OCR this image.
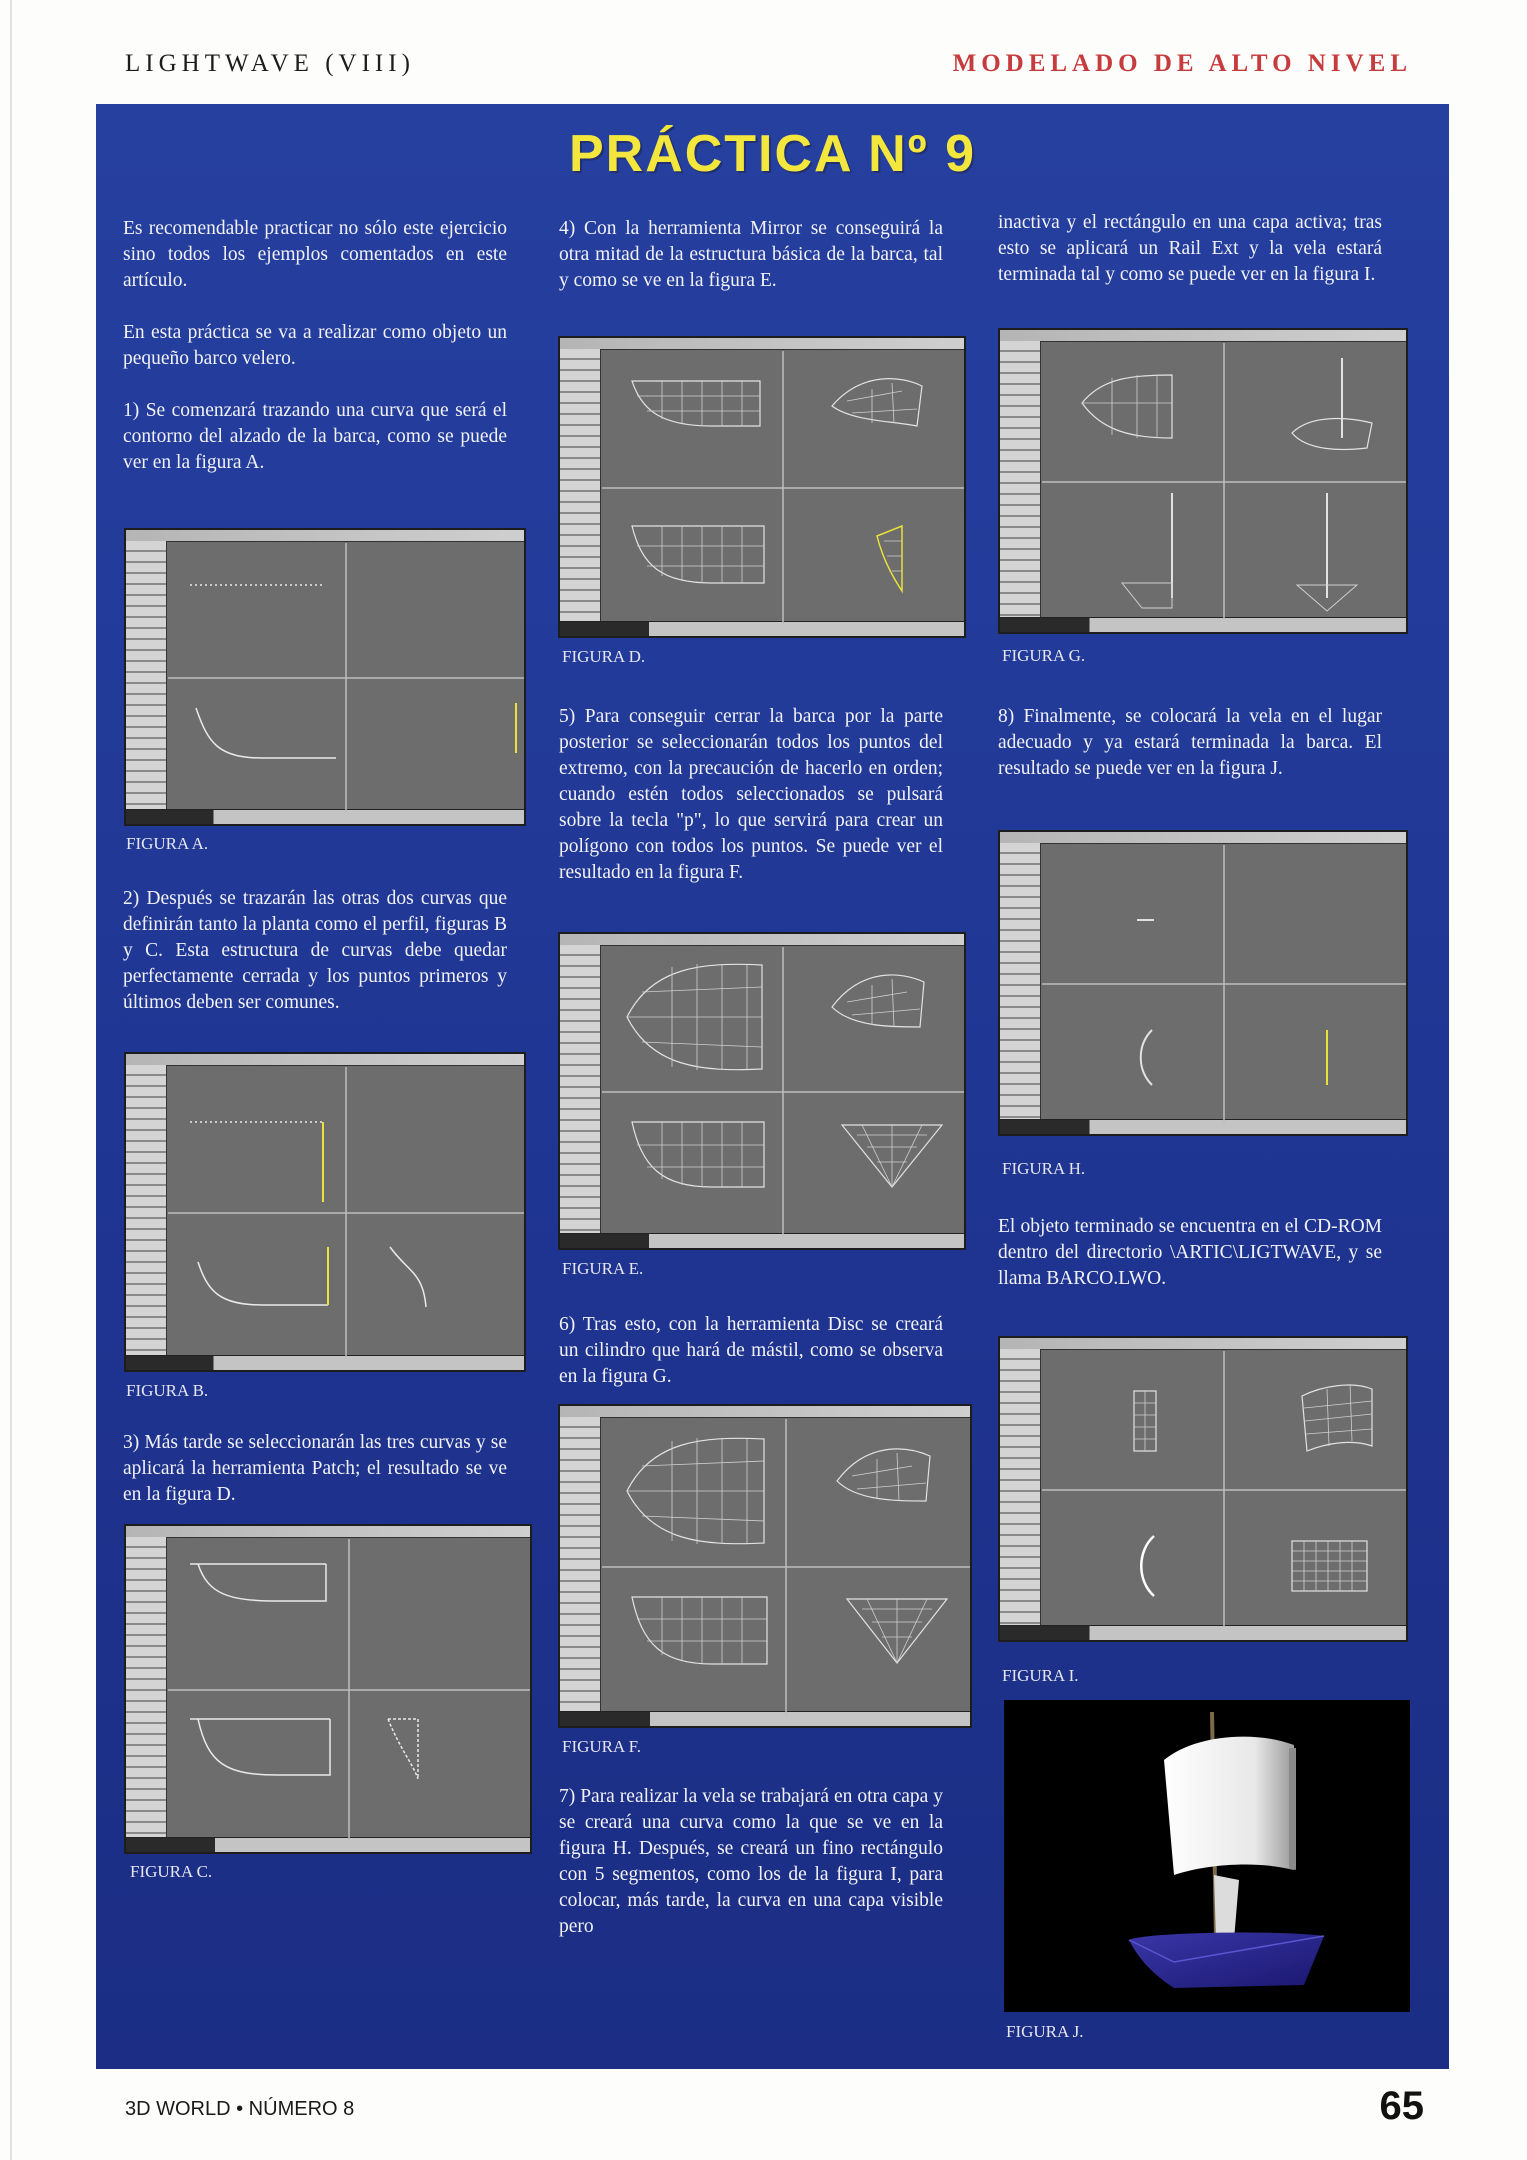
LIGHTWAVE (VIII)	MODELADO DE ALTO NIVEL
PRÁCTICA Nº 9

Es recomendable practicar no sólo este ejercicio sino todos los ejemplos comentados en este artículo.

En esta práctica se va a realizar como objeto un pequeño barco velero.

1) Se comenzará trazando una curva que será el contorno del alzado de la barca, como se puede ver en la figura A.

FIGURA A.

2) Después se trazarán las otras dos curvas que definirán tanto la planta como el perfil, figuras B y C. Esta estructura de curvas debe quedar perfectamente cerrada y los puntos primeros y últimos deben ser comunes.

FIGURA B.

3) Más tarde se seleccionarán las tres curvas y se aplicará la herramienta Patch; el resultado se ve en la figura D.

FIGURA C.

4) Con la herramienta Mirror se conseguirá la otra mitad de la estructura básica de la barca, tal y como se ve en la figura E.

FIGURA D.

5) Para conseguir cerrar la barca por la parte posterior se seleccionarán todos los puntos del extremo, con la precaución de hacerlo en orden; cuando estén todos seleccionados se pulsará sobre la tecla "p", lo que servirá para crear un polígono con todos los puntos. Se puede ver el resultado en la figura F.

FIGURA E.

6) Tras esto, con la herramienta Disc se creará un cilindro que hará de mástil, como se observa en la figura G.

FIGURA F.

7) Para realizar la vela se trabajará en otra capa y se creará una curva como la que se ve en la figura H. Después, se creará un fino rectángulo con 5 segmentos, como los de la figura I, para colocar, más tarde, la curva en una capa visible pero

inactiva y el rectángulo en una capa activa; tras esto se aplicará un Rail Ext y la vela estará terminada tal y como se puede ver en la figura I.

FIGURA G.

8) Finalmente, se colocará la vela en el lugar adecuado y ya estará terminada la barca. El resultado se puede ver en la figura J.

FIGURA H.

El objeto terminado se encuentra en el CD-ROM dentro del directorio \ARTIC\LIGTWAVE, y se llama BARCO.LWO.

FIGURA I.
FIGURA J.
3D WORLD • NÚMERO 8	65
